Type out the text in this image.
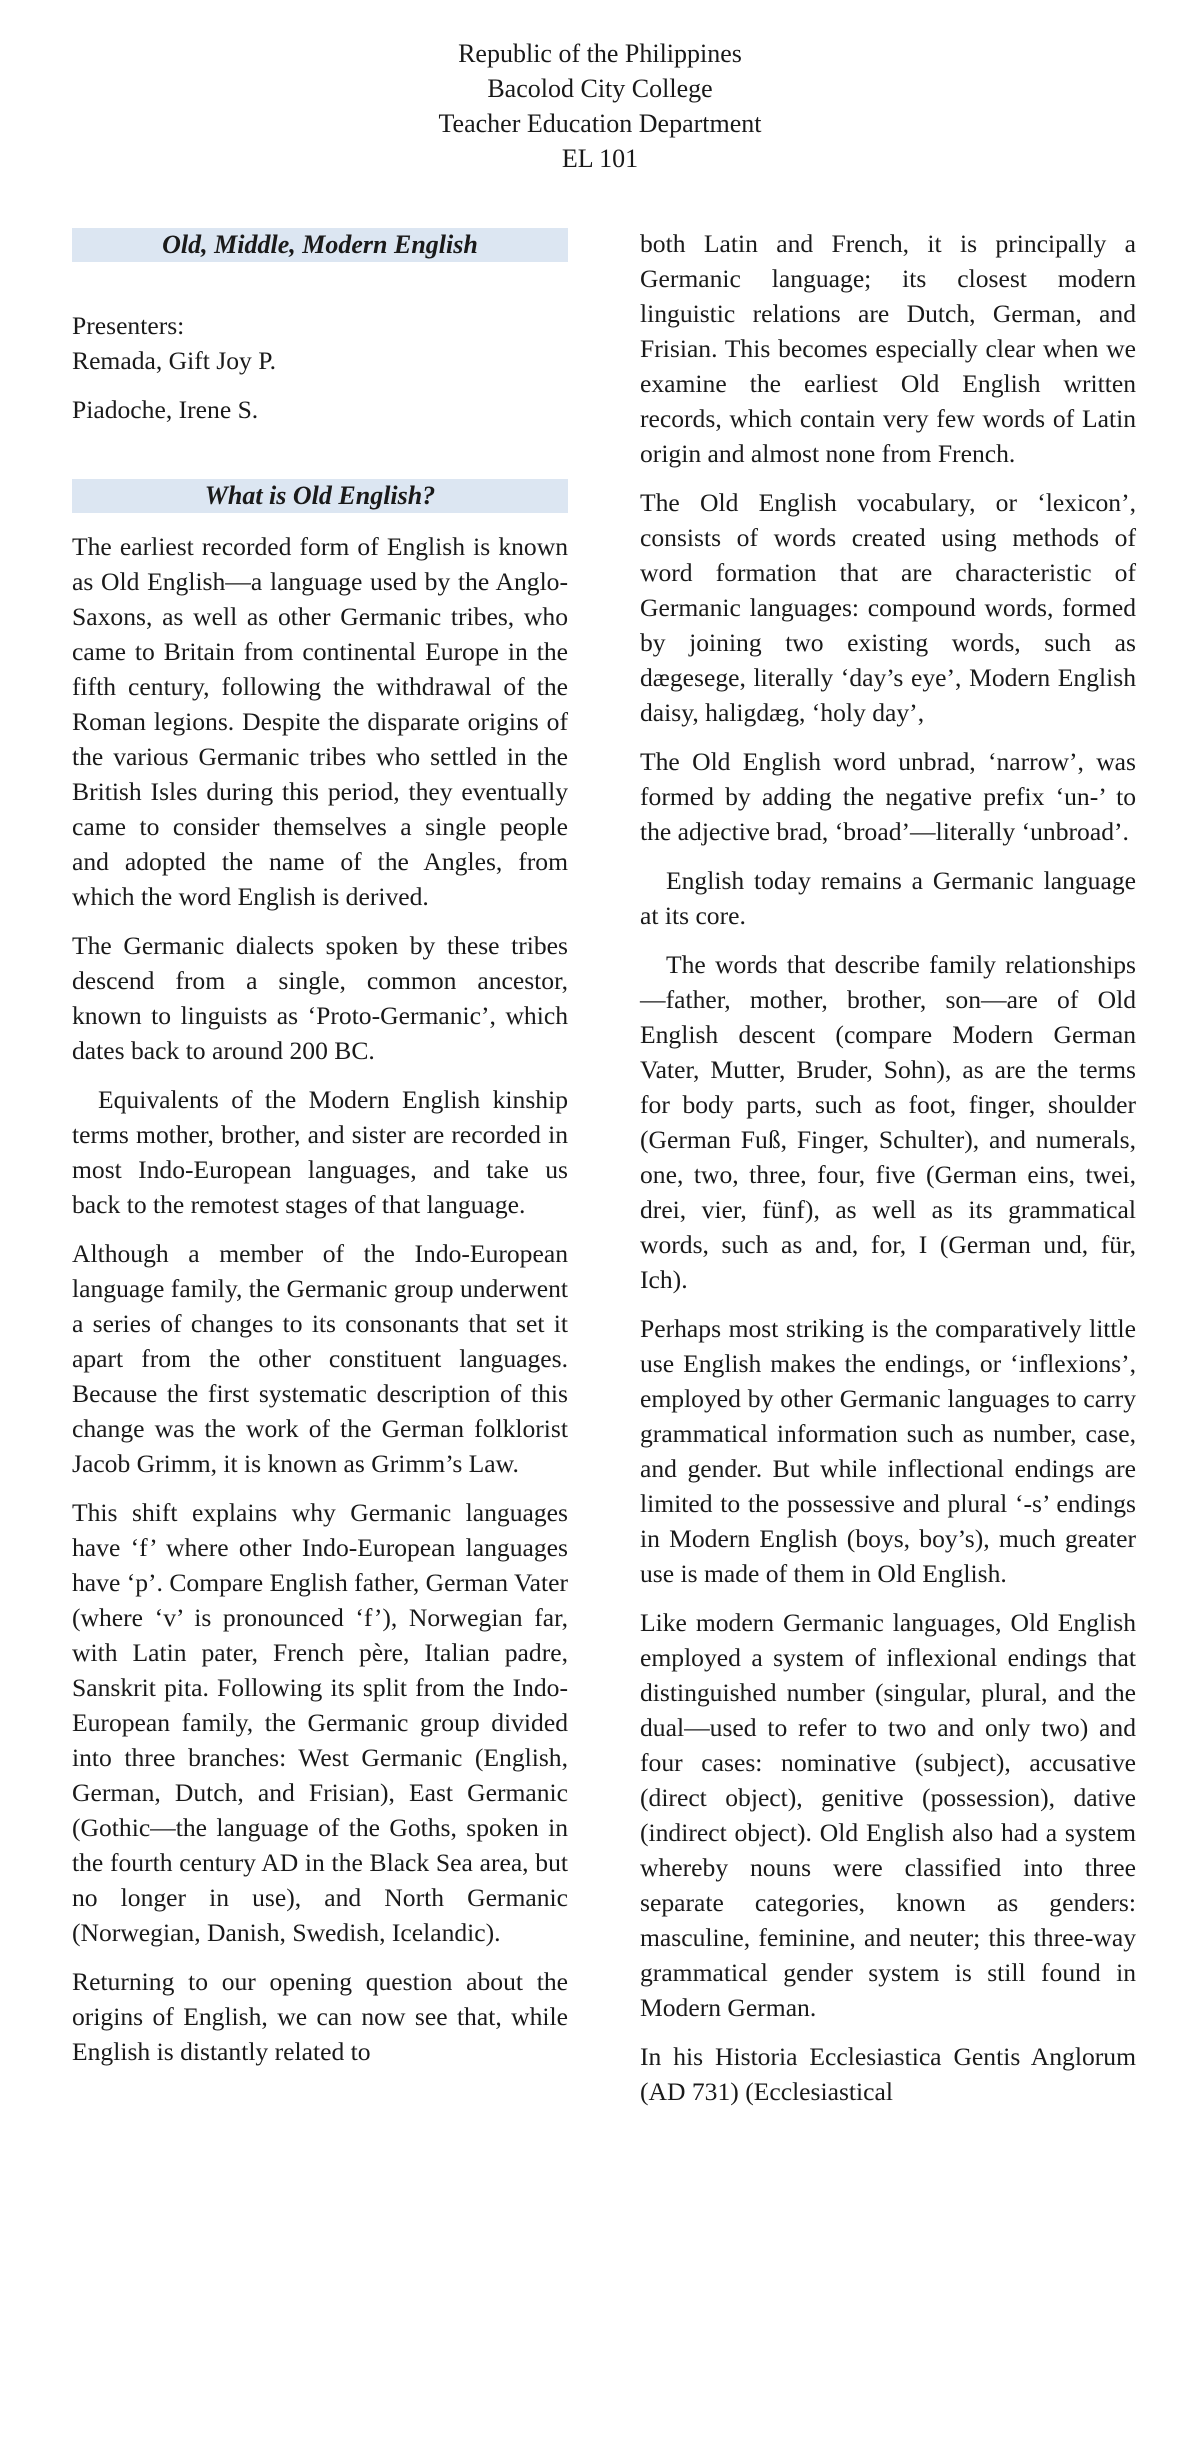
Republic of the Philippines
Bacolod City College
Teacher Education Department
EL 101
Old, Middle, Modern English

Presenters:

Remada, Gift Joy P.

Piadoche, Irene S.

What is Old English?

The earliest recorded form of English is known as Old English—a language used by the Anglo-Saxons, as well as other Germanic tribes, who came to Britain from continental Europe in the fifth century, following the withdrawal of the Roman legions. Despite the disparate origins of the various Germanic tribes who settled in the British Isles during this period, they eventually came to consider themselves a single people and adopted the name of the Angles, from which the word English is derived.

The Germanic dialects spoken by these tribes descend from a single, common ancestor, known to linguists as ‘Proto-Germanic’, which dates back to around 200 BC.

Equivalents of the Modern English kinship terms mother, brother, and sister are recorded in most Indo-European languages, and take us back to the remotest stages of that language.

Although a member of the Indo-European language family, the Germanic group underwent a series of changes to its consonants that set it apart from the other constituent languages. Because the first systematic description of this change was the work of the German folklorist Jacob Grimm, it is known as Grimm’s Law.

This shift explains why Germanic languages have ‘f’ where other Indo-European languages have ‘p’. Compare English father, German Vater (where ‘v’ is pronounced ‘f’), Norwegian far, with Latin pater, French père, Italian padre, Sanskrit pita. Following its split from the Indo-European family, the Germanic group divided into three branches: West Germanic (English, German, Dutch, and Frisian), East Germanic (Gothic—the language of the Goths, spoken in the fourth century AD in the Black Sea area, but no longer in use), and North Germanic (Norwegian, Danish, Swedish, Icelandic).

Returning to our opening question about the origins of English, we can now see that, while English is distantly related to

both Latin and French, it is principally a Germanic language; its closest modern linguistic relations are Dutch, German, and Frisian. This becomes especially clear when we examine the earliest Old English written records, which contain very few words of Latin origin and almost none from French.

The Old English vocabulary, or ‘lexicon’, consists of words created using methods of word formation that are characteristic of Germanic languages: compound words, formed by joining two existing words, such as dægesege, literally ‘day’s eye’, Modern English daisy, haligdæg, ‘holy day’,

The Old English word unbrad, ‘narrow’, was formed by adding the negative prefix ‘un-’ to the adjective brad, ‘broad’—literally ‘unbroad’.

English today remains a Germanic language at its core.

The words that describe family relationships—father, mother, brother, son—are of Old English descent (compare Modern German Vater, Mutter, Bruder, Sohn), as are the terms for body parts, such as foot, finger, shoulder (German Fuß, Finger, Schulter), and numerals, one, two, three, four, five (German eins, twei, drei, vier, fünf), as well as its grammatical words, such as and, for, I (German und, für, Ich).

Perhaps most striking is the comparatively little use English makes the endings, or ‘inflexions’, employed by other Germanic languages to carry grammatical information such as number, case, and gender. But while inflectional endings are limited to the possessive and plural ‘-s’ endings in Modern English (boys, boy’s), much greater use is made of them in Old English.

Like modern Germanic languages, Old English employed a system of inflexional endings that distinguished number (singular, plural, and the dual—used to refer to two and only two) and four cases: nominative (subject), accusative (direct object), genitive (possession), dative (indirect object). Old English also had a system whereby nouns were classified into three separate categories, known as genders: masculine, feminine, and neuter; this three-way grammatical gender system is still found in Modern German.

In his Historia Ecclesiastica Gentis Anglorum (AD 731) (Ecclesiastical
